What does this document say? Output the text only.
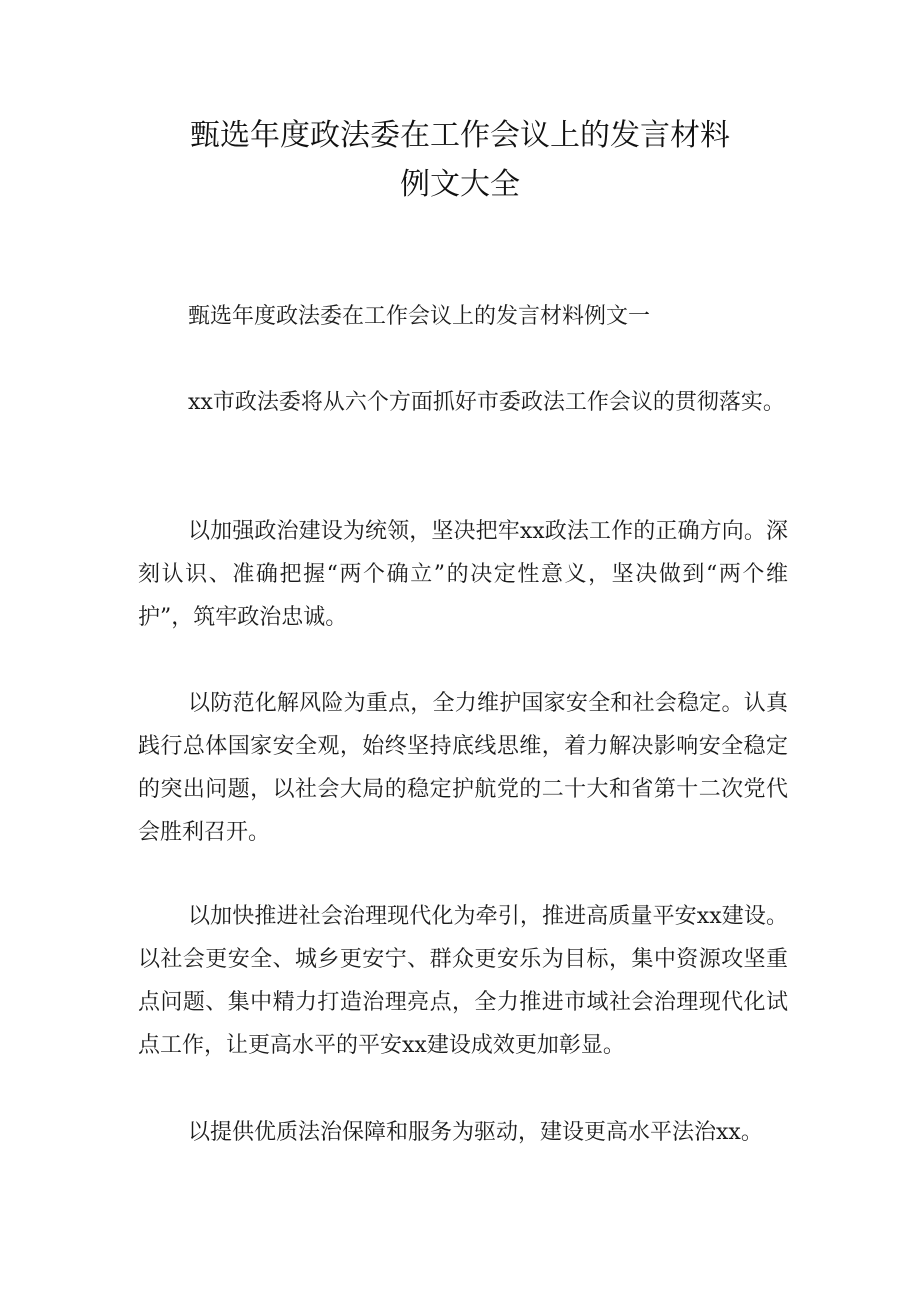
甄选年度政法委在工作会议上的发言材料
例文大全

甄选年度政法委在工作会议上的发言材料例文一

xx市政法委将从六个方面抓好市委政法工作会议的贯彻落实。

以加强政治建设为统领，坚决把牢xx政法工作的正确方向。深刻认识、准确把握“两个确立”的决定性意义，坚决做到“两个维护”，筑牢政治忠诚。

以防范化解风险为重点，全力维护国家安全和社会稳定。认真践行总体国家安全观，始终坚持底线思维，着力解决影响安全稳定的突出问题，以社会大局的稳定护航党的二十大和省第十二次党代会胜利召开。

以加快推进社会治理现代化为牵引，推进高质量平安xx建设。以社会更安全、城乡更安宁、群众更安乐为目标，集中资源攻坚重点问题、集中精力打造治理亮点，全力推进市域社会治理现代化试点工作，让更高水平的平安xx建设成效更加彰显。

以提供优质法治保障和服务为驱动，建设更高水平法治xx。
